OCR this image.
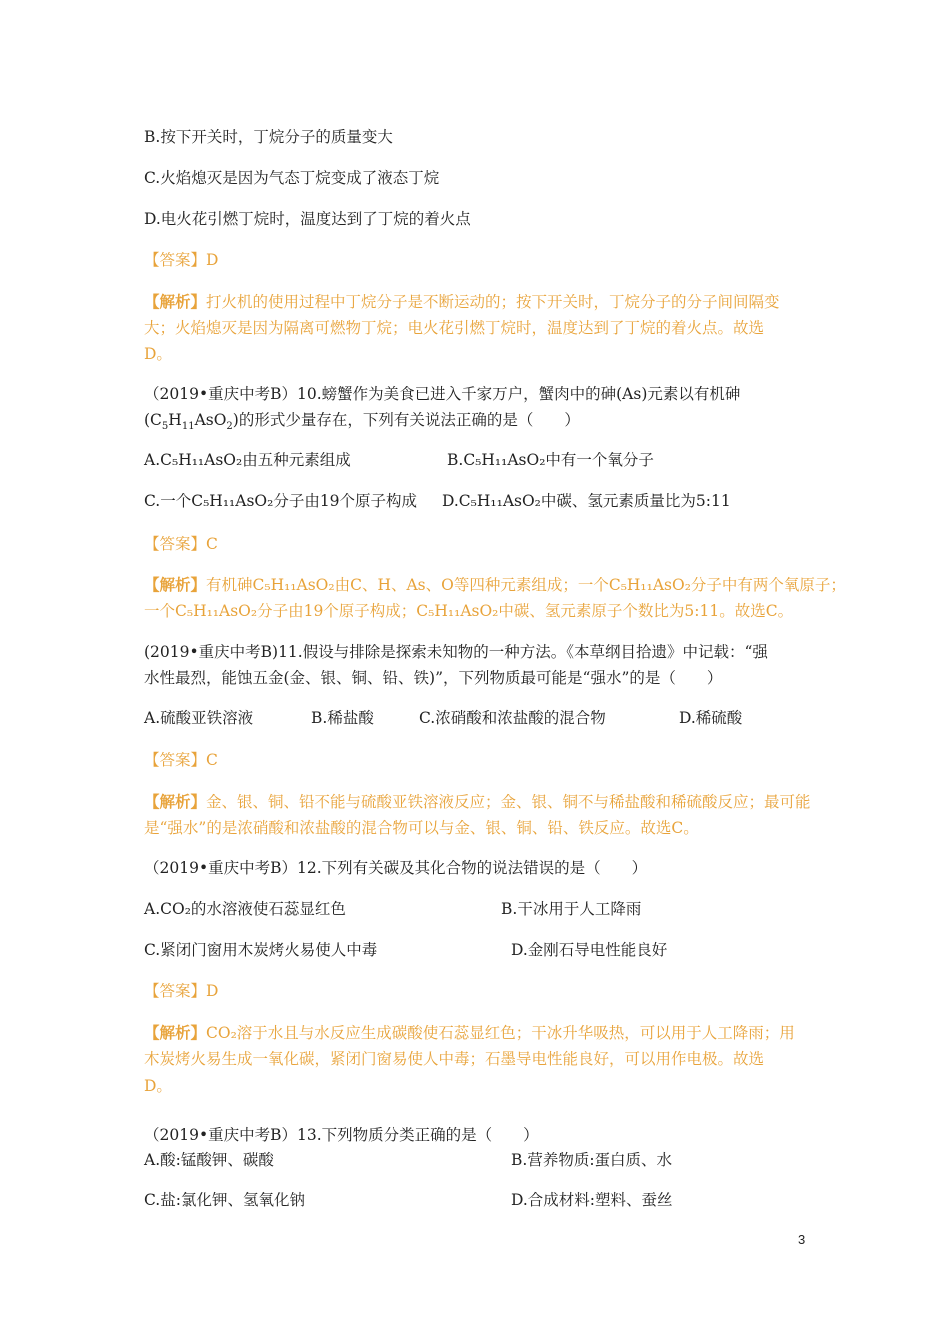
B.按下开关时，丁烷分子的质量变大
C.火焰熄灭是因为气态丁烷变成了液态丁烷
D.电火花引燃丁烷时，温度达到了丁烷的着火点
【答案】D
【解析】打火机的使用过程中丁烷分子是不断运动的；按下开关时，丁烷分子的分子间间隔变
大；火焰熄灭是因为隔离可燃物丁烷；电火花引燃丁烷时，温度达到了丁烷的着火点。故选
D。
（2019•重庆中考B）10.螃蟹作为美食已进入千家万户，蟹肉中的砷(As)元素以有机砷
$(C_5H_{11}AsO_2)$的形式少量存在，下列有关说法正确的是（　　）
A.C₅H₁₁AsO₂由五种元素组成	B.C₅H₁₁AsO₂中有一个氧分子
C.一个C₅H₁₁AsO₂分子由19个原子构成 D.C₅H₁₁AsO₂中碳、氢元素质量比为5:11
【答案】C
【解析】有机砷C₅H₁₁AsO₂由C、H、As、O等四种元素组成；一个C₅H₁₁AsO₂分子中有两个氧原子；
一个C₅H₁₁AsO₂分子由19个原子构成；C₅H₁₁AsO₂中碳、氢元素原子个数比为5:11。故选C。
(2019•重庆中考B)11.假设与排除是探索未知物的一种方法。《本草纲目拾遗》中记载：“强
水性最烈，能蚀五金(金、银、铜、铅、铁)”，下列物质最可能是“强水”的是（　　）
A.硫酸亚铁溶液	B.稀盐酸	C.浓硝酸和浓盐酸的混合物	D.稀硫酸
【答案】C
【解析】金、银、铜、铅不能与硫酸亚铁溶液反应；金、银、铜不与稀盐酸和稀硫酸反应；最可能
是“强水”的是浓硝酸和浓盐酸的混合物可以与金、银、铜、铅、铁反应。故选C。
（2019•重庆中考B）12.下列有关碳及其化合物的说法错误的是（　　）
A.CO₂的水溶液使石蕊显红色	B.干冰用于人工降雨
C.紧闭门窗用木炭烤火易使人中毒	D.金刚石导电性能良好
【答案】D
【解析】CO₂溶于水且与水反应生成碳酸使石蕊显红色；干冰升华吸热，可以用于人工降雨；用
木炭烤火易生成一氧化碳，紧闭门窗易使人中毒；石墨导电性能良好，可以用作电极。故选
D。
（2019•重庆中考B）13.下列物质分类正确的是（　　）
A.酸:锰酸钾、碳酸	B.营养物质:蛋白质、水
C.盐:氯化钾、氢氧化钠	D.合成材料:塑料、蚕丝
3
